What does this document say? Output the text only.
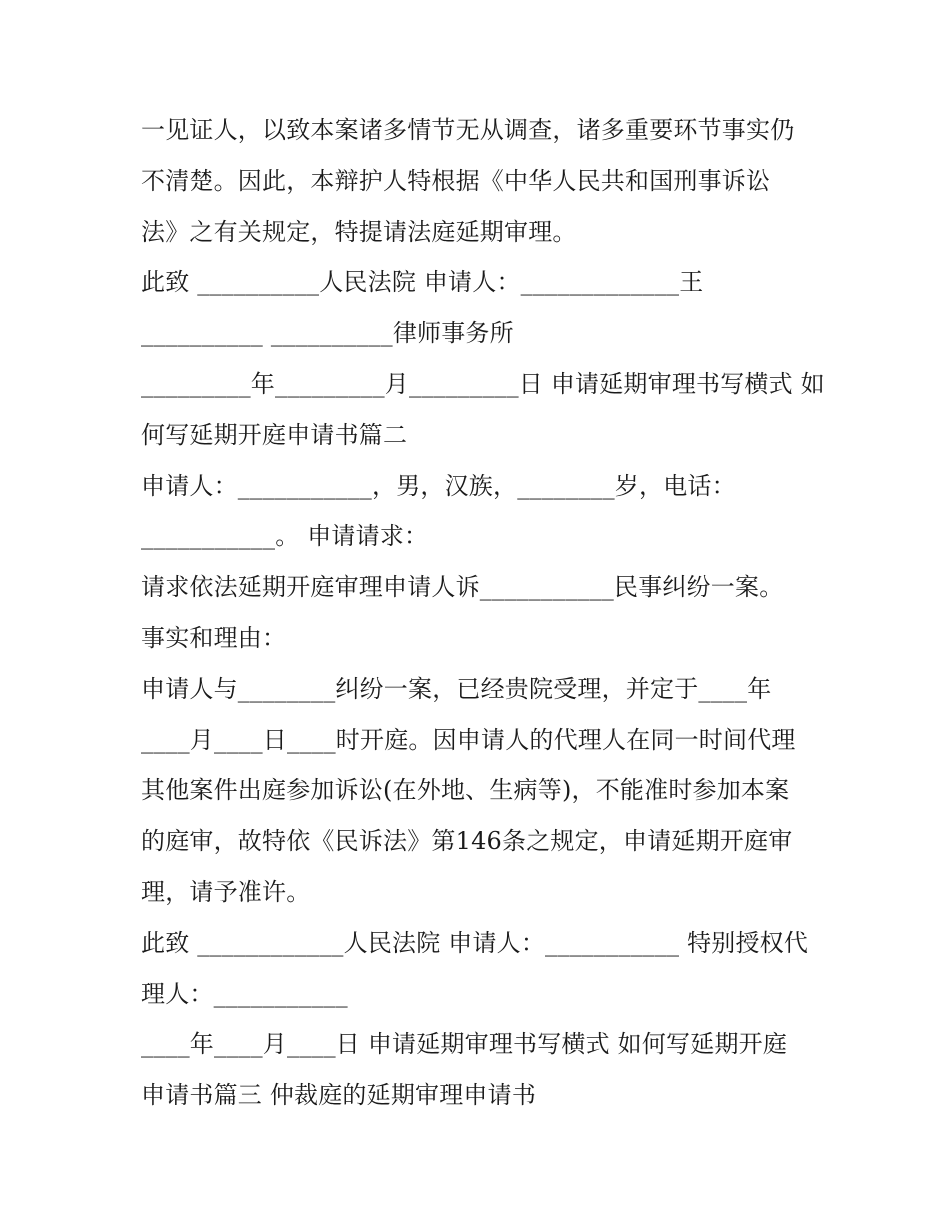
一见证人，以致本案诸多情节无从调查，诸多重要环节事实仍
不清楚。因此，本辩护人特根据《中华人民共和国刑事诉讼
法》之有关规定，特提请法庭延期审理。
此致 __________人民法院 申请人：_____________王
__________ __________律师事务所
_________年_________月_________日 申请延期审理书写横式 如
何写延期开庭申请书篇二
申请人：___________，男，汉族，________岁，电话：
___________。 申请请求：
请求依法延期开庭审理申请人诉___________民事纠纷一案。
事实和理由：
申请人与________纠纷一案，已经贵院受理，并定于____年
____月____日____时开庭。因申请人的代理人在同一时间代理
其他案件出庭参加诉讼(在外地、生病等)，不能准时参加本案
的庭审，故特依《民诉法》第146条之规定，申请延期开庭审
理，请予准许。
此致 ____________人民法院 申请人：___________ 特别授权代
理人：___________
____年____月____日 申请延期审理书写横式 如何写延期开庭
申请书篇三 仲裁庭的延期审理申请书
